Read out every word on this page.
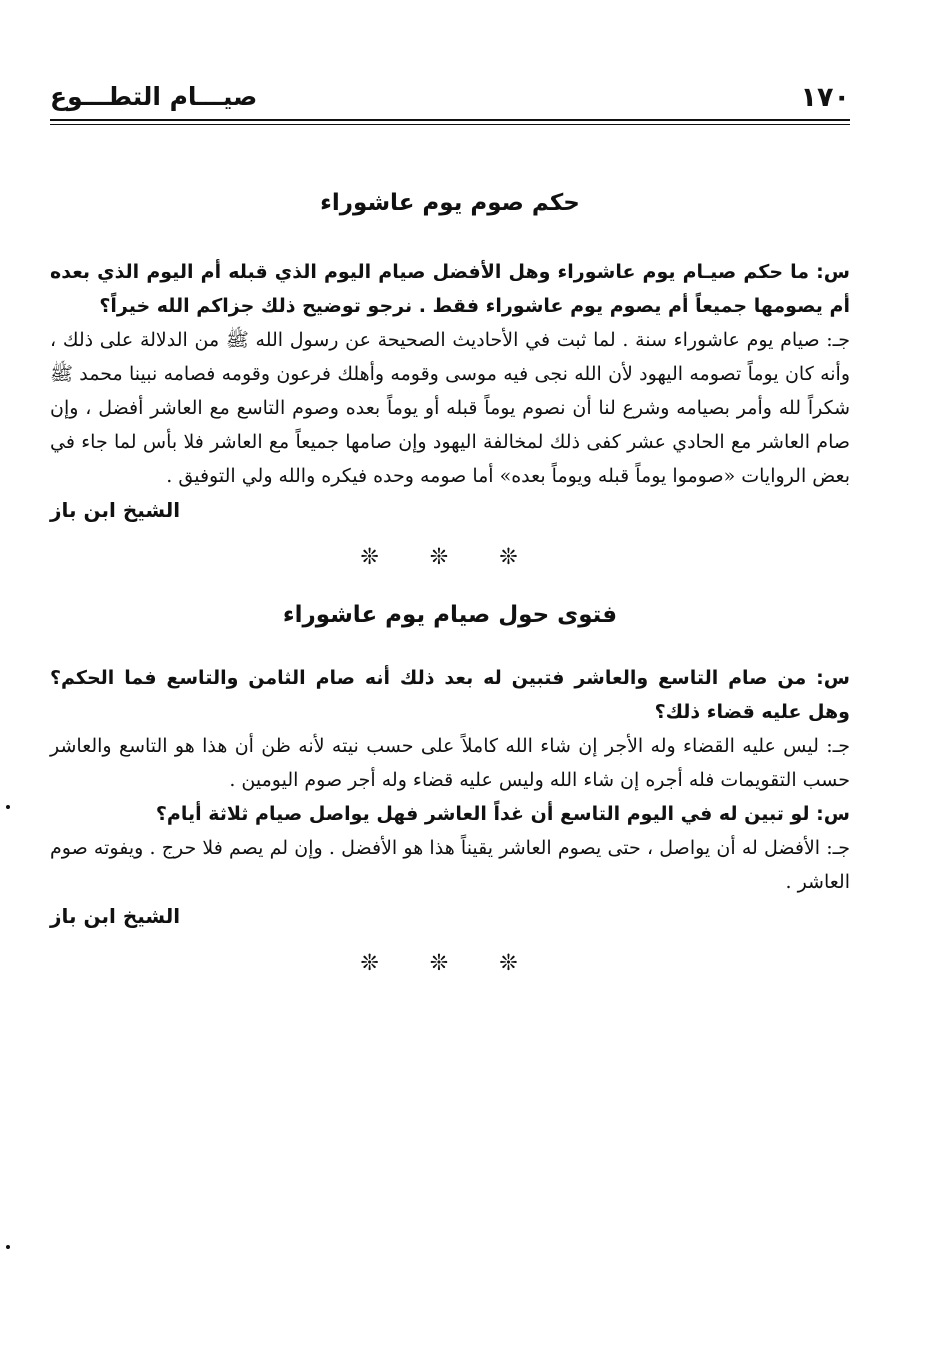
١٧٠
صيـــام التطـــوع
حكم صوم يوم عاشوراء

س: ما حكم صيـام يوم عاشوراء وهل الأفضل صيام اليوم الذي قبله أم اليوم الذي بعده أم يصومها جميعاً أم يصوم يوم عاشوراء فقط . نرجو توضيح ذلك جزاكم الله خيراً؟

جـ: صيام يوم عاشوراء سنة . لما ثبت في الأحاديث الصحيحة عن رسول الله ﷺ من الدلالة على ذلك ، وأنه كان يوماً تصومه اليهود لأن الله نجى فيه موسى وقومه وأهلك فرعون وقومه فصامه نبينا محمد ﷺ شكراً لله وأمر بصيامه وشرع لنا أن نصوم يوماً قبله أو يوماً بعده وصوم التاسع مع العاشر أفضل ، وإن صام العاشر مع الحادي عشر كفى ذلك لمخالفة اليهود وإن صامها جميعاً مع العاشر فلا بأس لما جاء في بعض الروايات «صوموا يوماً قبله ويوماً بعده» أما صومه وحده فيكره والله ولي التوفيق .

الشيخ ابن باز

❊ ❊ ❊

فتوى حول صيام يوم عاشوراء

س: من صام التاسع والعاشر فتبين له بعد ذلك أنه صام الثامن والتاسع فما الحكم؟ وهل عليه قضاء ذلك؟

جـ: ليس عليه القضاء وله الأجر إن شاء الله كاملاً على حسب نيته لأنه ظن أن هذا هو التاسع والعاشر حسب التقويمات فله أجره إن شاء الله وليس عليه قضاء وله أجر صوم اليومين .

س: لو تبين له في اليوم التاسع أن غداً العاشر فهل يواصل صيام ثلاثة أيام؟

جـ: الأفضل له أن يواصل ، حتى يصوم العاشر يقيناً هذا هو الأفضل . وإن لم يصم فلا حرج . ويفوته صوم العاشر .

الشيخ ابن باز

❊ ❊ ❊
